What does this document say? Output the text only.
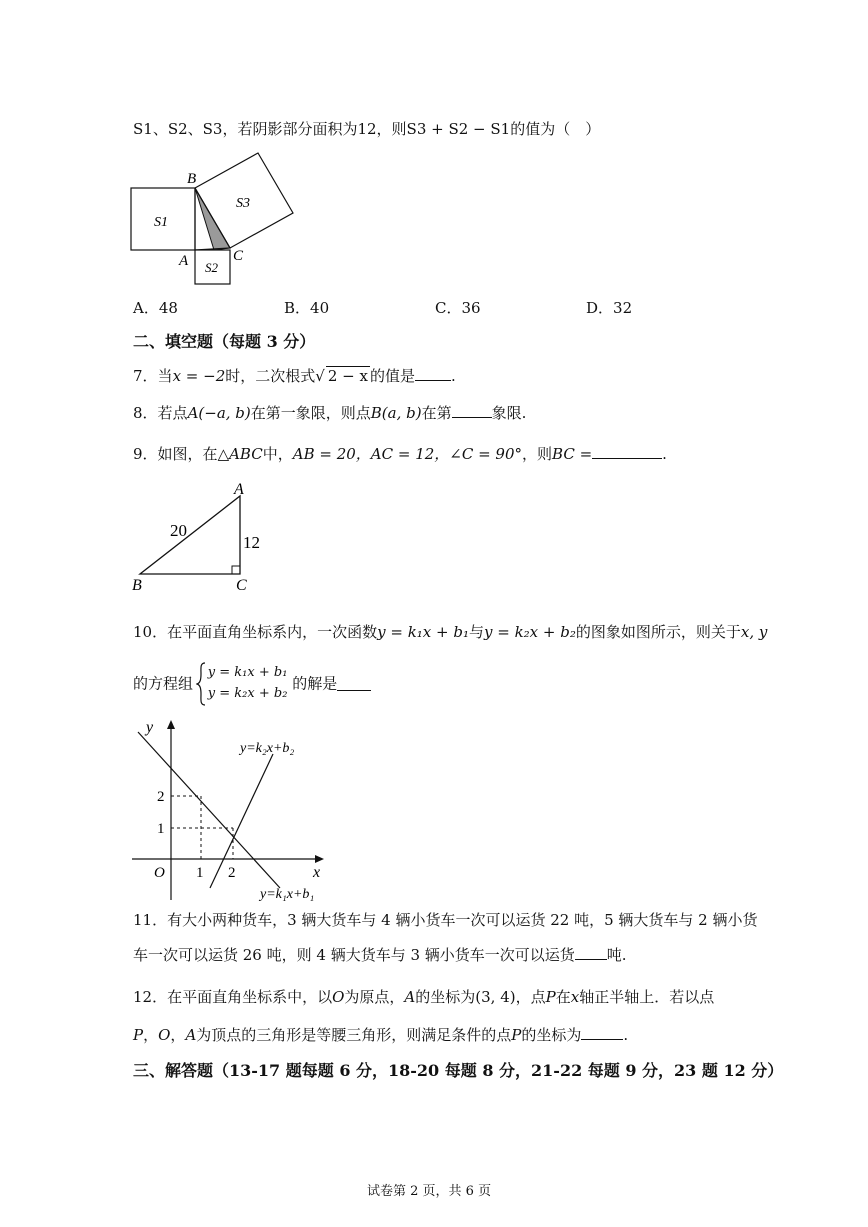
S1、S2、S3，若阴影部分面积为12，则S3 + S2 − S1的值为（　）
B
A	C
S1
S3
S2
A．48	B．40	C．36	D．32
二、填空题（每题 3 分）
7．当x = −2时，二次根式√ 2 − x 的值是 .
8．若点A(−a, b)在第一象限，则点B(a, b)在第	象限.
9．如图，在△ABC中，AB = 20，AC = 12，∠C = 90°，则BC =	.
A
B	C
20
12
10．在平面直角坐标系内，一次函数y = k₁x + b₁与y = k₂x + b₂的图象如图所示，则关于x, y
的方程组
y = k₁x + b₁
y = k₂x + b₂
的解是
y
x
O 1 2
1
2
y=k₂x+b₂
y=k₁x+b₁
11．有大小两种货车，3 辆大货车与 4 辆小货车一次可以运货 22 吨，5 辆大货车与 2 辆小货
车一次可以运货 26 吨，则 4 辆大货车与 3 辆小货车一次可以运货 吨.
12．在平面直角坐标系中，以O为原点，A的坐标为(3, 4)，点P在x轴正半轴上．若以点
P，O，A为顶点的三角形是等腰三角形，则满足条件的点P的坐标为	.
三、解答题（13-17 题每题 6 分，18-20 每题 8 分，21-22 每题 9 分，23 题 12 分）
试卷第 2 页，共 6 页
